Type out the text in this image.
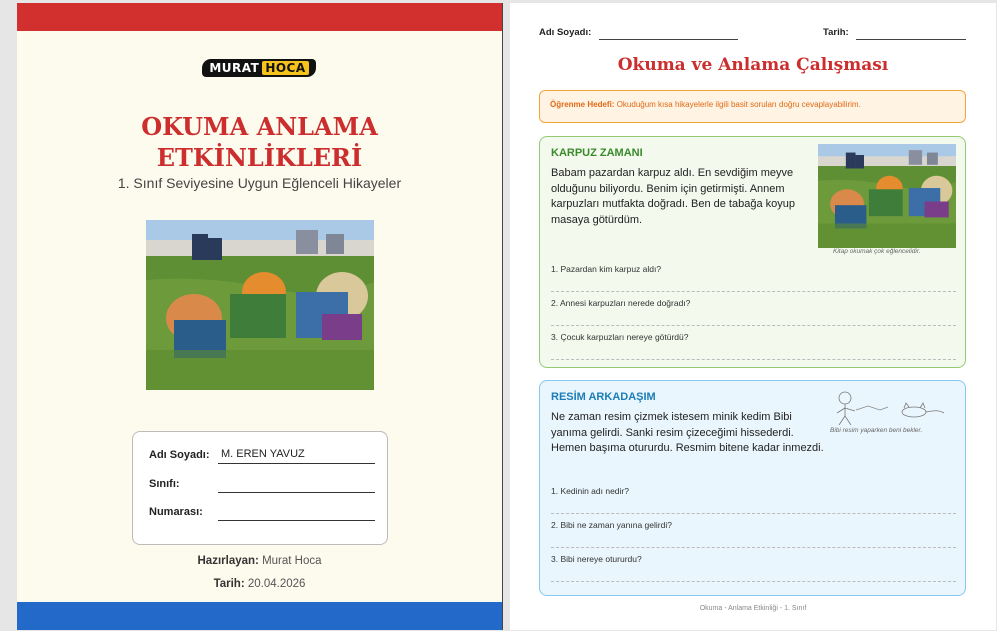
MURAT HOCA
OKUMA ANLAMA
ETKİNLİKLERİ
1. Sınıf Seviyesine Uygun Eğlenceli Hikayeler
Adı Soyadı: M. EREN YAVUZ
Sınıfı:
Numarası:
Hazırlayan: Murat Hoca
Tarih: 20.04.2026
Adı Soyadı:	Tarih:
Okuma ve Anlama Çalışması
Öğrenme Hedefi: Okuduğum kısa hikayelerle ilgili basit soruları doğru cevaplayabilirim.
KARPUZ ZAMANI
Babam pazardan karpuz aldı. En sevdiğim meyve olduğunu biliyordu. Benim için getirmişti. Annem karpuzları mutfakta doğradı. Ben de tabağa koyup masaya götürdüm.
Kitap okumak çok eğlencelidir.
1. Pazardan kim karpuz aldı?
2. Annesi karpuzları nerede doğradı?
3. Çocuk karpuzları nereye götürdü?
RESİM ARKADAŞIM
Ne zaman resim çizmek istesem minik kedim Bibi yanıma gelirdi. Sanki resim çizeceğimi hissederdi. Hemen başıma otururdu. Resmim bitene kadar inmezdi.
Bibi resim yaparken beni bekler.
1. Kedinin adı nedir?
2. Bibi ne zaman yanına gelirdi?
3. Bibi nereye otururdu?
Okuma - Anlama Etkinliği - 1. Sınıf
